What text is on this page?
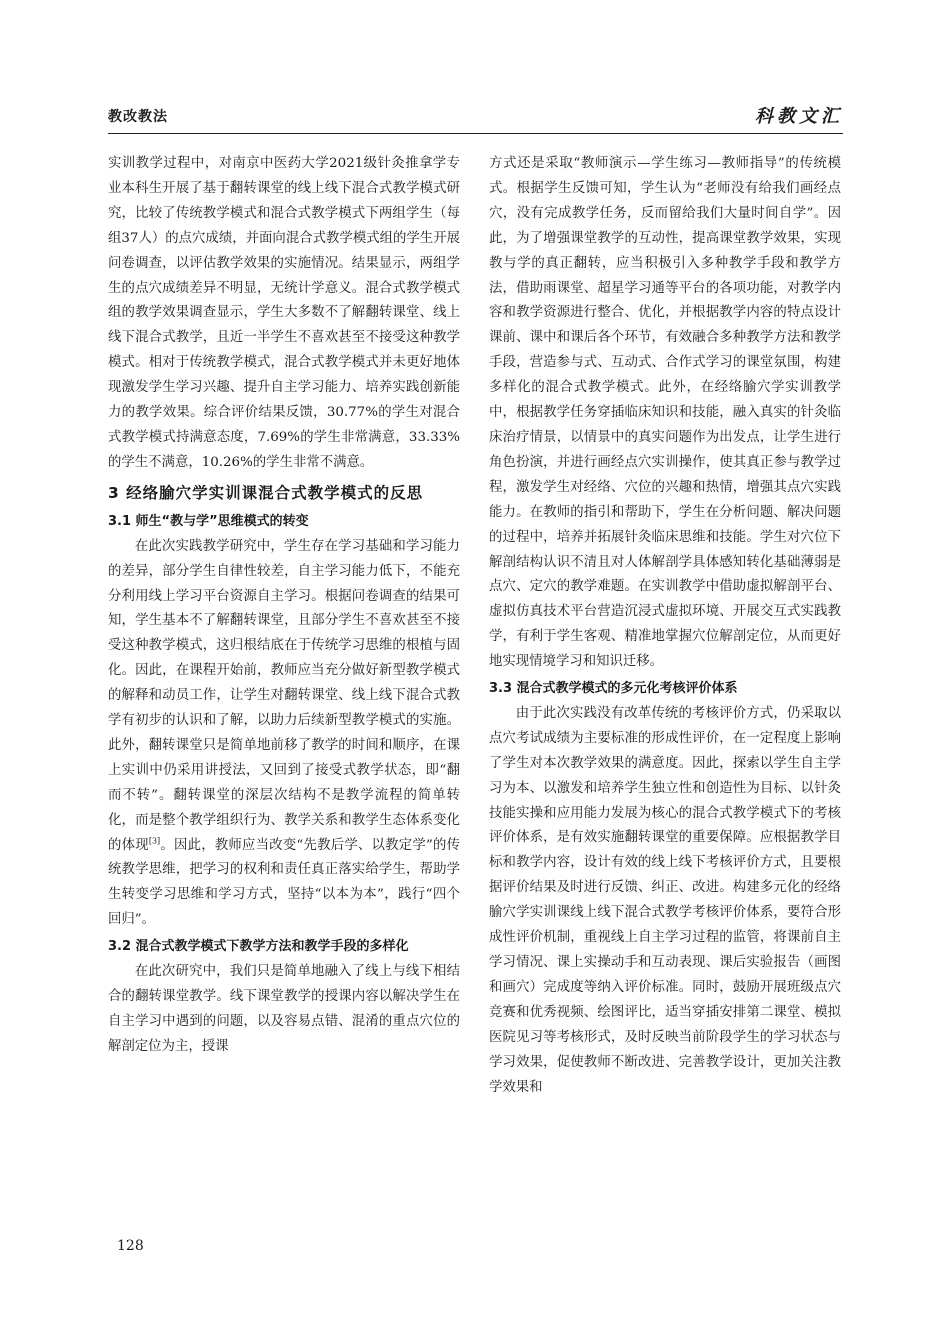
教改教法	科教文汇

实训教学过程中，对南京中医药大学2021级针灸推拿学专业本科生开展了基于翻转课堂的线上线下混合式教学模式研究，比较了传统教学模式和混合式教学模式下两组学生（每组37人）的点穴成绩，并面向混合式教学模式组的学生开展问卷调查，以评估教学效果的实施情况。结果显示，两组学生的点穴成绩差异不明显，无统计学意义。混合式教学模式组的教学效果调查显示，学生大多数不了解翻转课堂、线上线下混合式教学，且近一半学生不喜欢甚至不接受这种教学模式。相对于传统教学模式，混合式教学模式并未更好地体现激发学生学习兴趣、提升自主学习能力、培养实践创新能力的教学效果。综合评价结果反馈，30.77%的学生对混合式教学模式持满意态度，7.69%的学生非常满意，33.33%的学生不满意，10.26%的学生非常不满意。

3 经络腧穴学实训课混合式教学模式的反思
3.1 师生“教与学”思维模式的转变

在此次实践教学研究中，学生存在学习基础和学习能力的差异，部分学生自律性较差，自主学习能力低下，不能充分利用线上学习平台资源自主学习。根据问卷调查的结果可知，学生基本不了解翻转课堂，且部分学生不喜欢甚至不接受这种教学模式，这归根结底在于传统学习思维的根植与固化。因此，在课程开始前，教师应当充分做好新型教学模式的解释和动员工作，让学生对翻转课堂、线上线下混合式教学有初步的认识和了解，以助力后续新型教学模式的实施。此外，翻转课堂只是简单地前移了教学的时间和顺序，在课上实训中仍采用讲授法，又回到了接受式教学状态，即“翻而不转”。翻转课堂的深层次结构不是教学流程的简单转化，而是整个教学组织行为、教学关系和教学生态体系变化的体现[3]。因此，教师应当改变“先教后学、以教定学”的传统教学思维，把学习的权利和责任真正落实给学生，帮助学生转变学习思维和学习方式，坚持“以本为本”，践行“四个回归”。

3.2 混合式教学模式下教学方法和教学手段的多样化

在此次研究中，我们只是简单地融入了线上与线下相结合的翻转课堂教学。线下课堂教学的授课内容以解决学生在自主学习中遇到的问题，以及容易点错、混淆的重点穴位的解剖定位为主，授课

方式还是采取“教师演示—学生练习—教师指导”的传统模式。根据学生反馈可知，学生认为“老师没有给我们画经点穴，没有完成教学任务，反而留给我们大量时间自学”。因此，为了增强课堂教学的互动性，提高课堂教学效果，实现教与学的真正翻转，应当积极引入多种教学手段和教学方法，借助雨课堂、超星学习通等平台的各项功能，对教学内容和教学资源进行整合、优化，并根据教学内容的特点设计课前、课中和课后各个环节，有效融合多种教学方法和教学手段，营造参与式、互动式、合作式学习的课堂氛围，构建多样化的混合式教学模式。此外，在经络腧穴学实训教学中，根据教学任务穿插临床知识和技能，融入真实的针灸临床治疗情景，以情景中的真实问题作为出发点，让学生进行角色扮演，并进行画经点穴实训操作，使其真正参与教学过程，激发学生对经络、穴位的兴趣和热情，增强其点穴实践能力。在教师的指引和帮助下，学生在分析问题、解决问题的过程中，培养并拓展针灸临床思维和技能。学生对穴位下解剖结构认识不清且对人体解剖学具体感知转化基础薄弱是点穴、定穴的教学难题。在实训教学中借助虚拟解剖平台、虚拟仿真技术平台营造沉浸式虚拟环境、开展交互式实践教学，有利于学生客观、精准地掌握穴位解剖定位，从而更好地实现情境学习和知识迁移。

3.3 混合式教学模式的多元化考核评价体系

由于此次实践没有改革传统的考核评价方式，仍采取以点穴考试成绩为主要标准的形成性评价，在一定程度上影响了学生对本次教学效果的满意度。因此，探索以学生自主学习为本、以激发和培养学生独立性和创造性为目标、以针灸技能实操和应用能力发展为核心的混合式教学模式下的考核评价体系，是有效实施翻转课堂的重要保障。应根据教学目标和教学内容，设计有效的线上线下考核评价方式，且要根据评价结果及时进行反馈、纠正、改进。构建多元化的经络腧穴学实训课线上线下混合式教学考核评价体系，要符合形成性评价机制，重视线上自主学习过程的监管，将课前自主学习情况、课上实操动手和互动表现、课后实验报告（画图和画穴）完成度等纳入评价标准。同时，鼓励开展班级点穴竞赛和优秀视频、绘图评比，适当穿插安排第二课堂、模拟医院见习等考核形式，及时反映当前阶段学生的学习状态与学习效果，促使教师不断改进、完善教学设计，更加关注教学效果和

128
